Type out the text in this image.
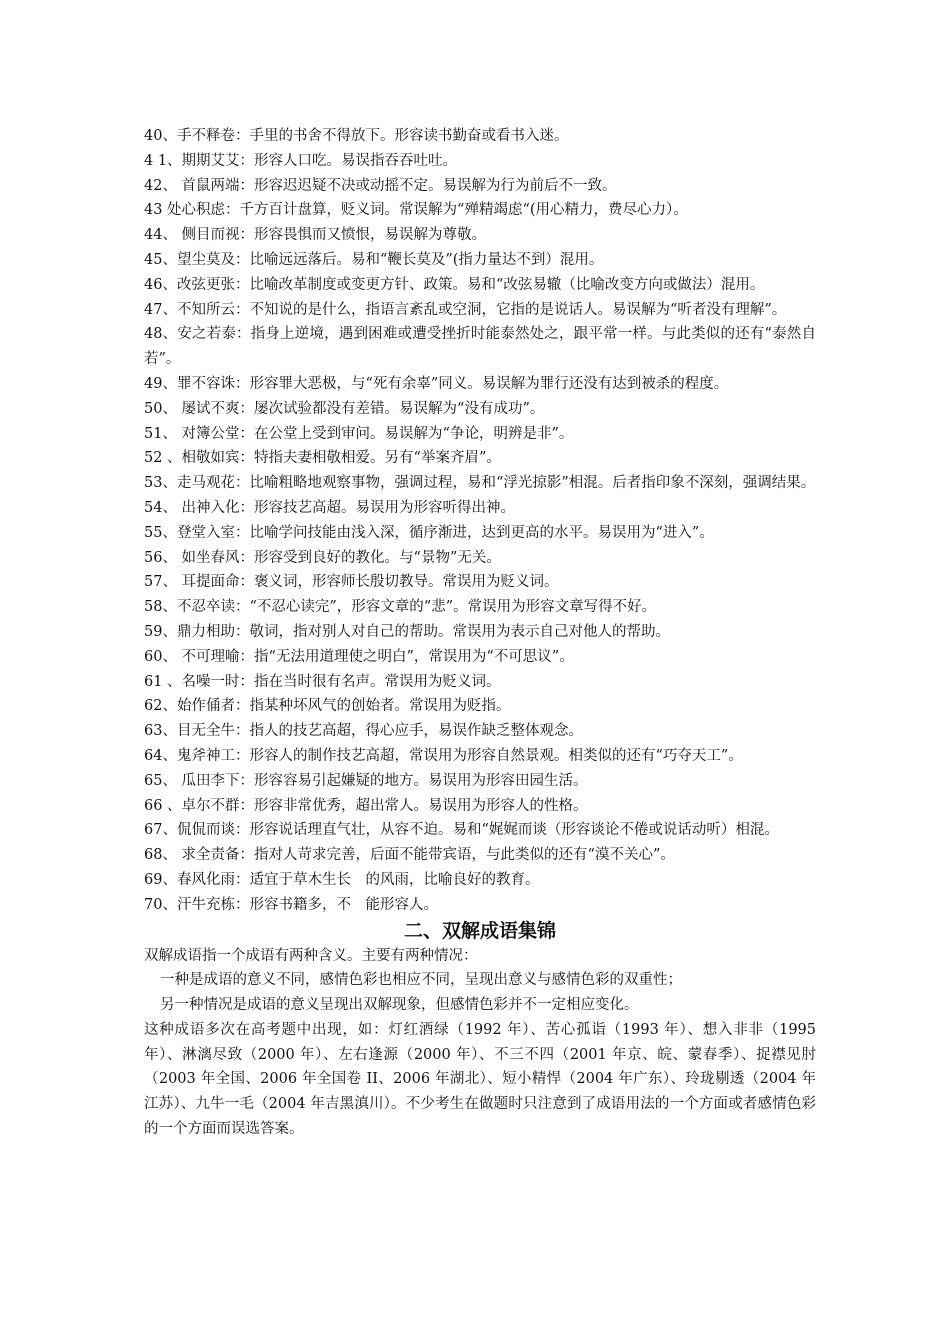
40、手不释卷：手里的书舍不得放下。形容读书勤奋或看书入迷。
4 1、期期艾艾：形容人口吃。易误指吞吞吐吐。
42、 首鼠两端：形容迟迟疑不决或动摇不定。易误解为行为前后不一致。
43 处心积虑：千方百计盘算，贬义词。常误解为“殚精竭虑“(用心精力，费尽心力）。
44、 侧目而视：形容畏惧而又愤恨，易误解为尊敬。
45、望尘莫及：比喻远远落后。易和“鞭长莫及”(指力量达不到）混用。
46、改弦更张：比喻改革制度或变更方针、政策。易和“改弦易辙（比喻改变方向或做法）混用。
47、不知所云：不知说的是什么，指语言紊乱或空洞，它指的是说话人。易误解为“听者没有理解”。
48、安之若泰：指身上逆境，遇到困难或遭受挫折时能泰然处之，跟平常一样。与此类似的还有“泰然自若”。
49、罪不容诛：形容罪大恶极，与“死有余辜”同义。易误解为罪行还没有达到被杀的程度。
50、 屡试不爽：屡次试验都没有差错。易误解为“没有成功”。
51、 对簿公堂：在公堂上受到审问。易误解为“争论，明辨是非”。
52 、相敬如宾：特指夫妻相敬相爱。另有“举案齐眉”。
53、走马观花：比喻粗略地观察事物，强调过程，易和“浮光掠影”相混。后者指印象不深刻，强调结果。
54、 出神入化：形容技艺高超。易误用为形容听得出神。
55、登堂入室：比喻学问技能由浅入深，循序渐进，达到更高的水平。易误用为“进入”。
56、 如坐春风：形容受到良好的教化。与“景物”无关。
57、 耳提面命：褒义词，形容师长殷切教导。常误用为贬义词。
58、不忍卒读：“不忍心读完”，形容文章的“悲”。常误用为形容文章写得不好。
59、鼎力相助：敬词，指对别人对自己的帮助。常误用为表示自己对他人的帮助。
60、 不可理喻：指“无法用道理使之明白”，常误用为“不可思议”。
61 、名噪一时：指在当时很有名声。常误用为贬义词。
62、始作俑者：指某种坏风气的创始者。常误用为贬指。
63、目无全牛：指人的技艺高超，得心应手，易误作缺乏整体观念。
64、鬼斧神工：形容人的制作技艺高超，常误用为形容自然景观。相类似的还有“巧夺天工”。
65、 瓜田李下：形容容易引起嫌疑的地方。易误用为形容田园生活。
66 、卓尔不群：形容非常优秀，超出常人。易误用为形容人的性格。
67、侃侃而谈：形容说话理直气壮，从容不迫。易和“娓娓而谈（形容谈论不倦或说话动听）相混。
68、 求全责备：指对人苛求完善，后面不能带宾语，与此类似的还有“漠不关心”。
69、春风化雨：适宜于草木生长　的风雨，比喻良好的教育。
70、汗牛充栋：形容书籍多，不　能形容人。
二、双解成语集锦
双解成语指一个成语有两种含义。主要有两种情况：
一种是成语的意义不同，感情色彩也相应不同，呈现出意义与感情色彩的双重性；
另一种情况是成语的意义呈现出双解现象，但感情色彩并不一定相应变化。
这种成语多次在高考题中出现，如：灯红酒绿（1992 年）、苦心孤诣（1993 年）、想入非非（1995 年）、淋漓尽致（2000 年）、左右逢源（2000 年）、不三不四（2001 年京、皖、蒙春季）、捉襟见肘（2003 年全国、2006 年全国卷 II、2006 年湖北）、短小精悍（2004 年广东）、玲珑剔透（2004 年江苏）、九牛一毛（2004 年吉黑滇川）。不少考生在做题时只注意到了成语用法的一个方面或者感情色彩的一个方面而误选答案。
